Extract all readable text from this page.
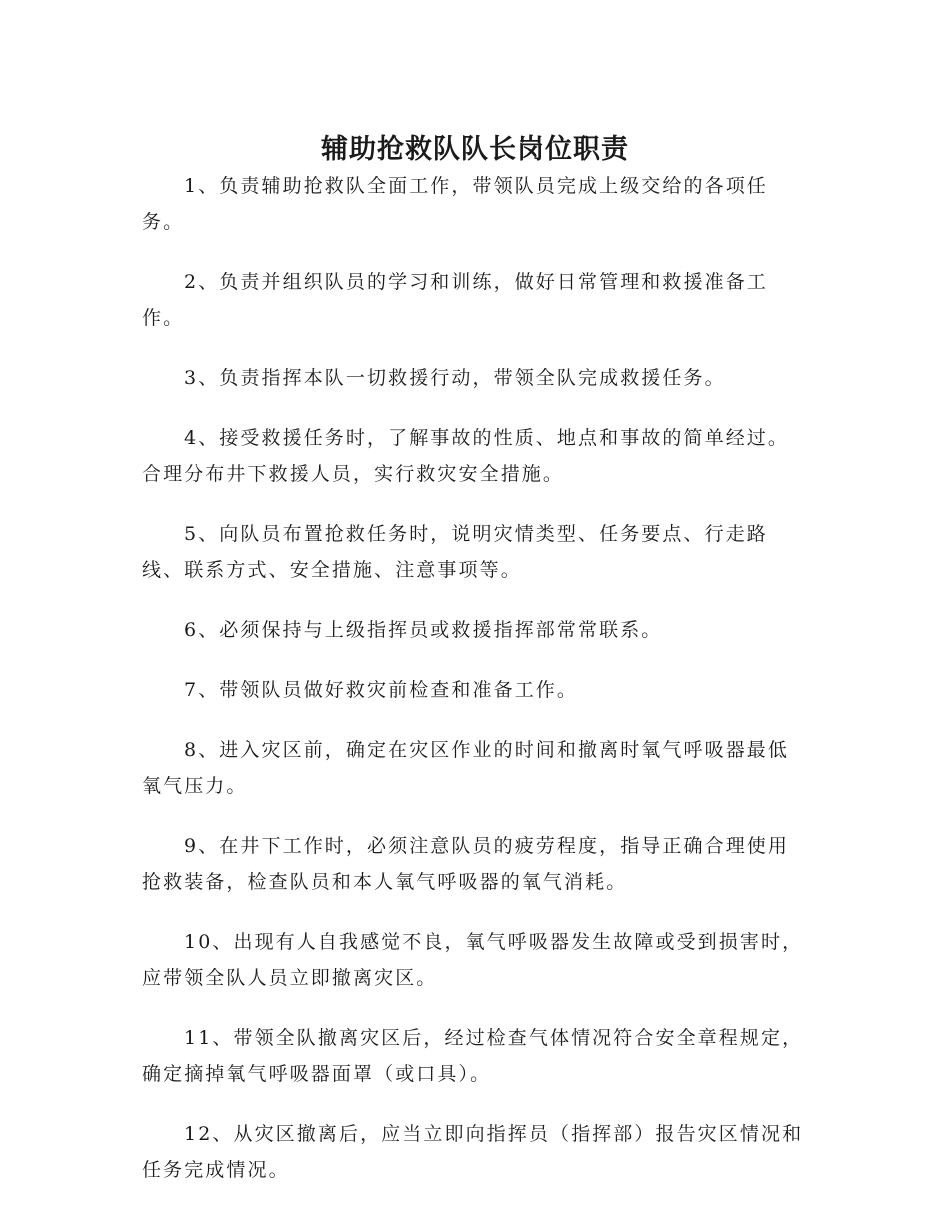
辅助抢救队队长岗位职责

1、负责辅助抢救队全面工作，带领队员完成上级交给的各项任务。

2、负责并组织队员的学习和训练，做好日常管理和救援准备工作。

3、负责指挥本队一切救援行动，带领全队完成救援任务。

4、接受救援任务时，了解事故的性质、地点和事故的简单经过。合理分布井下救援人员，实行救灾安全措施。

5、向队员布置抢救任务时，说明灾情类型、任务要点、行走路线、联系方式、安全措施、注意事项等。

6、必须保持与上级指挥员或救援指挥部常常联系。

7、带领队员做好救灾前检查和准备工作。

8、进入灾区前，确定在灾区作业的时间和撤离时氧气呼吸器最低氧气压力。

9、在井下工作时，必须注意队员的疲劳程度，指导正确合理使用抢救装备，检查队员和本人氧气呼吸器的氧气消耗。

10、出现有人自我感觉不良，氧气呼吸器发生故障或受到损害时，应带领全队人员立即撤离灾区。

11、带领全队撤离灾区后，经过检查气体情况符合安全章程规定，确定摘掉氧气呼吸器面罩（或口具）。

12、从灾区撤离后，应当立即向指挥员（指挥部）报告灾区情况和任务完成情况。
